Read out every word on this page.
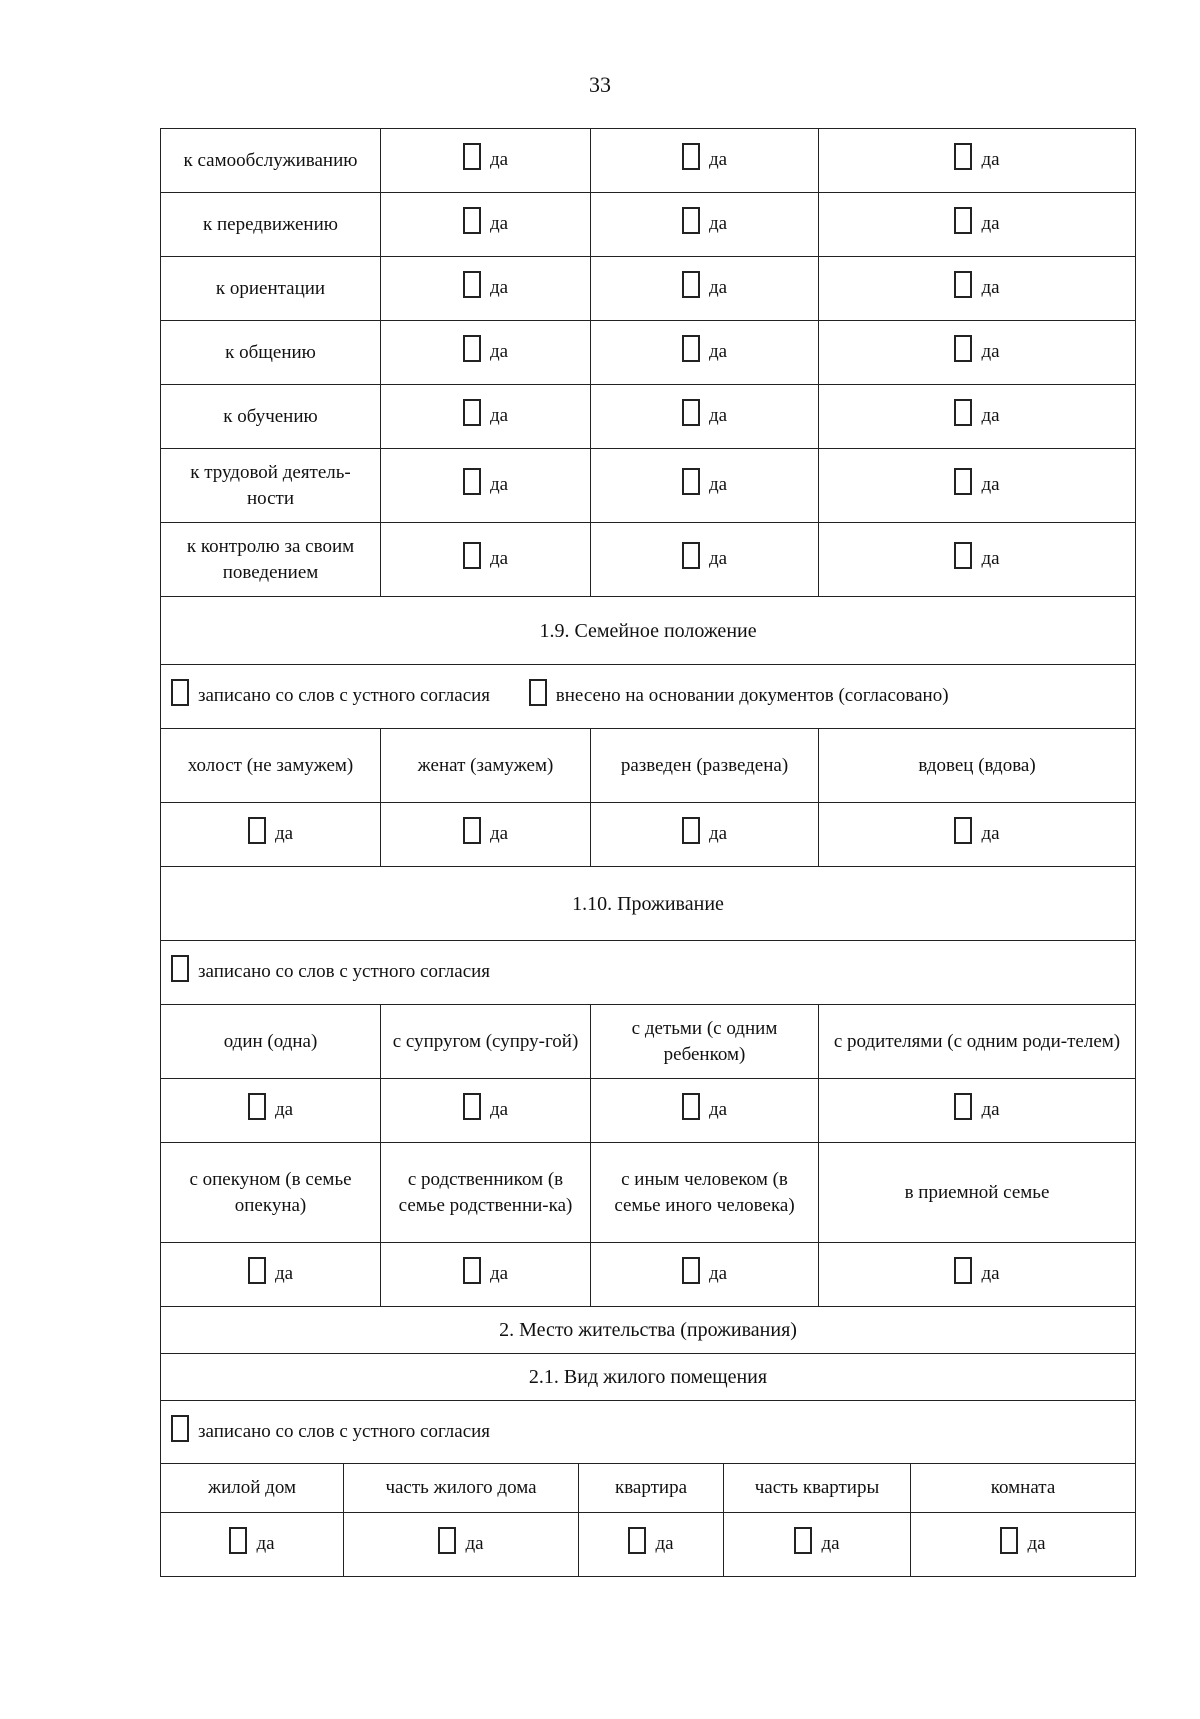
33
к самообслуживанию	да	да	да

к передвижению	да	да	да

к ориентации	да	да	да

к общению	да	да	да

к обучению	да	да	да

к трудовой деятель-ности	да	да	да

к контролю за своим поведением	да	да	да
1.9. Семейное положение			

записано со слов с устного согласия
внесено на основании документов (согласовано)			

холост (не замужем)	женат (замужем)	разведен (разведена)	вдовец (вдова)

да	да	да	да
1.10. Проживание			

записано со слов с устного согласия			

один (одна)	с супругом (супру-гой)	с детьми (с одним ребенком)	с родителями (с одним роди-телем)

да	да	да	да

с опекуном (в семье опекуна)	с родственником (в семье родственни-ка)	с иным человеком (в семье иного человека)	в приемной семье

да	да	да	да
2. Место жительства (проживания)				
2.1. Вид жилого помещения				

записано со слов с устного согласия				

жилой дом	часть жилого дома	квартира	часть квартиры	комната

да	да	да	да	да
